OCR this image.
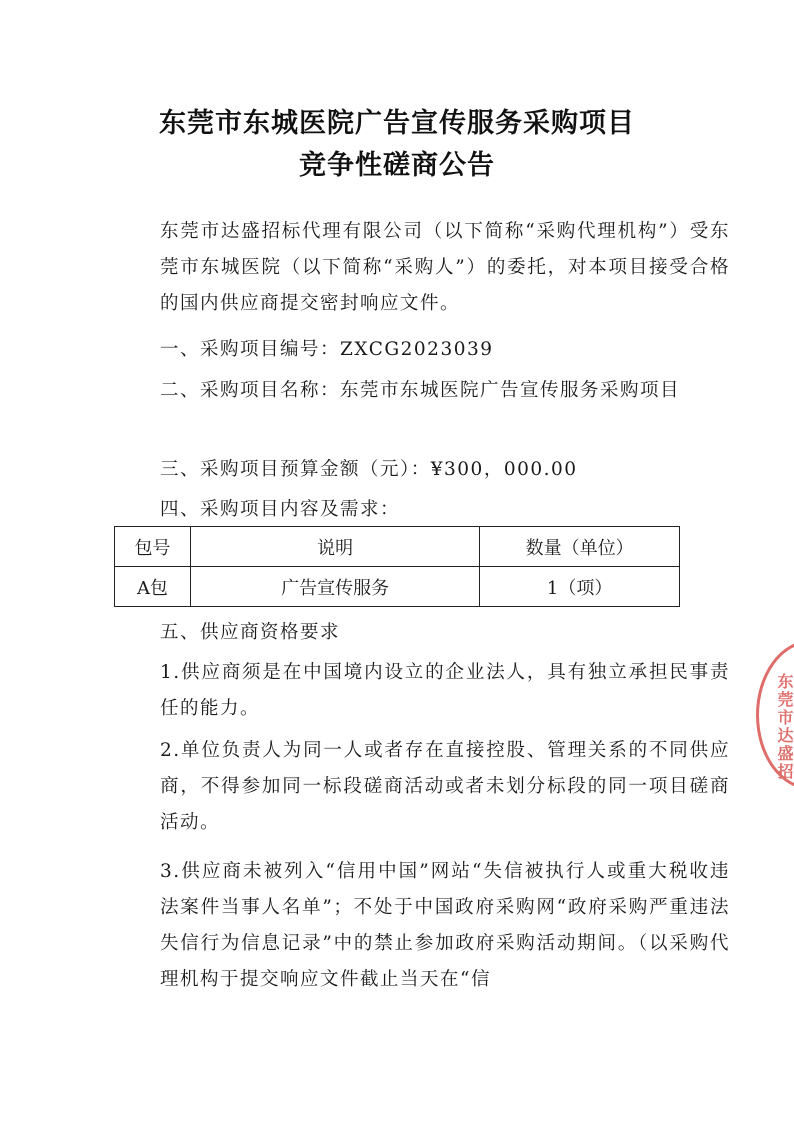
东莞市东城医院广告宣传服务采购项目
竞争性磋商公告
东莞市达盛招标代理有限公司（以下简称“采购代理机构”）受东莞市东城医院（以下简称“采购人”）的委托，对本项目接受合格的国内供应商提交密封响应文件。
一、采购项目编号：ZXCG2023039
二、采购项目名称：东莞市东城医院广告宣传服务采购项目
三、采购项目预算金额（元）：¥300，000.00
四、采购项目内容及需求：
包号	说明	数量（单位）
A包	广告宣传服务	1（项）
五、供应商资格要求
1.供应商须是在中国境内设立的企业法人，具有独立承担民事责任的能力。
2.单位负责人为同一人或者存在直接控股、管理关系的不同供应商，不得参加同一标段磋商活动或者未划分标段的同一项目磋商活动。
3.供应商未被列入“信用中国”网站“失信被执行人或重大税收违法案件当事人名单”；不处于中国政府采购网“政府采购严重违法失信行为信息记录”中的禁止参加政府采购活动期间。（以采购代理机构于提交响应文件截止当天在“信
东莞市达盛招
